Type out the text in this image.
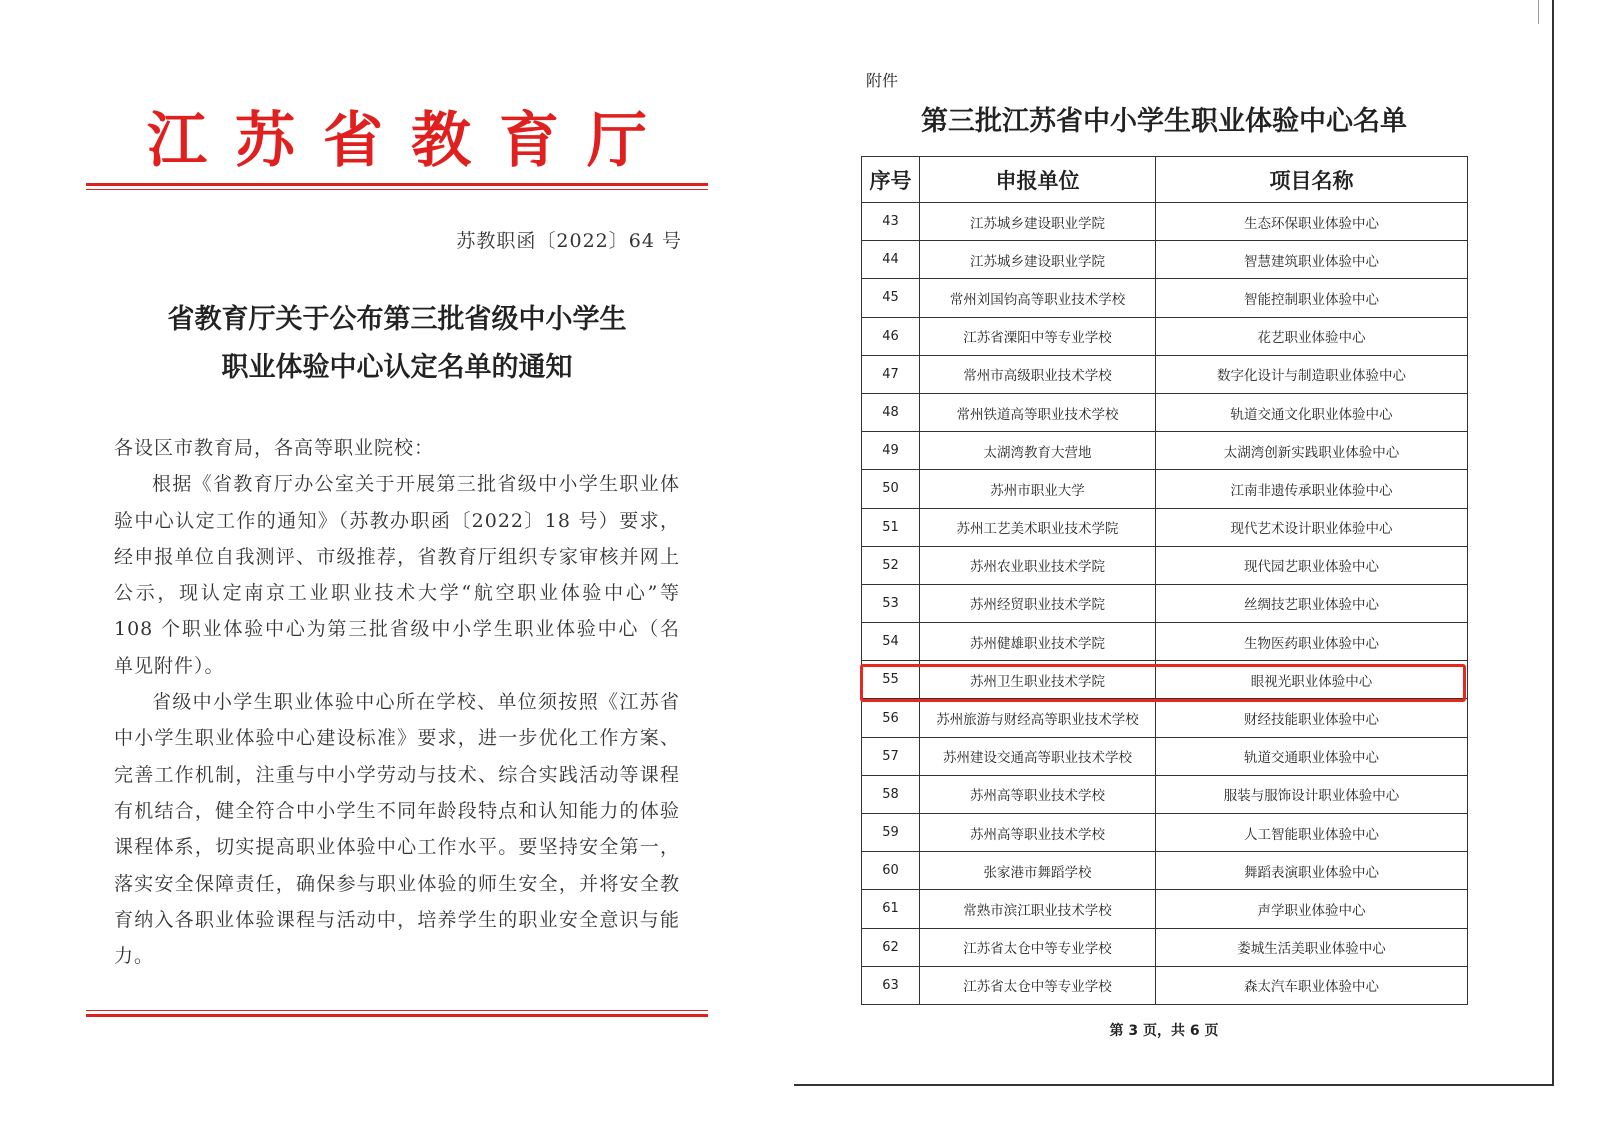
江苏省教育厅
苏教职函〔2022〕64 号
省教育厅关于公布第三批省级中小学生
职业体验中心认定名单的通知

各设区市教育局，各高等职业院校：

根据《省教育厅办公室关于开展第三批省级中小学生职业体验中心认定工作的通知》（苏教办职函〔2022〕18 号）要求，经申报单位自我测评、市级推荐，省教育厅组织专家审核并网上公示，现认定南京工业职业技术大学“航空职业体验中心”等 108 个职业体验中心为第三批省级中小学生职业体验中心（名单见附件）。

省级中小学生职业体验中心所在学校、单位须按照《江苏省中小学生职业体验中心建设标准》要求，进一步优化工作方案、完善工作机制，注重与中小学劳动与技术、综合实践活动等课程有机结合，健全符合中小学生不同年龄段特点和认知能力的体验课程体系，切实提高职业体验中心工作水平。要坚持安全第一，落实安全保障责任，确保参与职业体验的师生安全，并将安全教育纳入各职业体验课程与活动中，培养学生的职业安全意识与能力。

附件
第三批江苏省中小学生职业体验中心名单
序号	申报单位	项目名称
43	江苏城乡建设职业学院	生态环保职业体验中心
44	江苏城乡建设职业学院	智慧建筑职业体验中心
45	常州刘国钧高等职业技术学校	智能控制职业体验中心
46	江苏省溧阳中等专业学校	花艺职业体验中心
47	常州市高级职业技术学校	数字化设计与制造职业体验中心
48	常州铁道高等职业技术学校	轨道交通文化职业体验中心
49	太湖湾教育大营地	太湖湾创新实践职业体验中心
50	苏州市职业大学	江南非遗传承职业体验中心
51	苏州工艺美术职业技术学院	现代艺术设计职业体验中心
52	苏州农业职业技术学院	现代园艺职业体验中心
53	苏州经贸职业技术学院	丝绸技艺职业体验中心
54	苏州健雄职业技术学院	生物医药职业体验中心
55	苏州卫生职业技术学院	眼视光职业体验中心
56	苏州旅游与财经高等职业技术学校	财经技能职业体验中心
57	苏州建设交通高等职业技术学校	轨道交通职业体验中心
58	苏州高等职业技术学校	服装与服饰设计职业体验中心
59	苏州高等职业技术学校	人工智能职业体验中心
60	张家港市舞蹈学校	舞蹈表演职业体验中心
61	常熟市滨江职业技术学校	声学职业体验中心
62	江苏省太仓中等专业学校	娄城生活美职业体验中心
63	江苏省太仓中等专业学校	森太汽车职业体验中心
第 3 页，共 6 页
